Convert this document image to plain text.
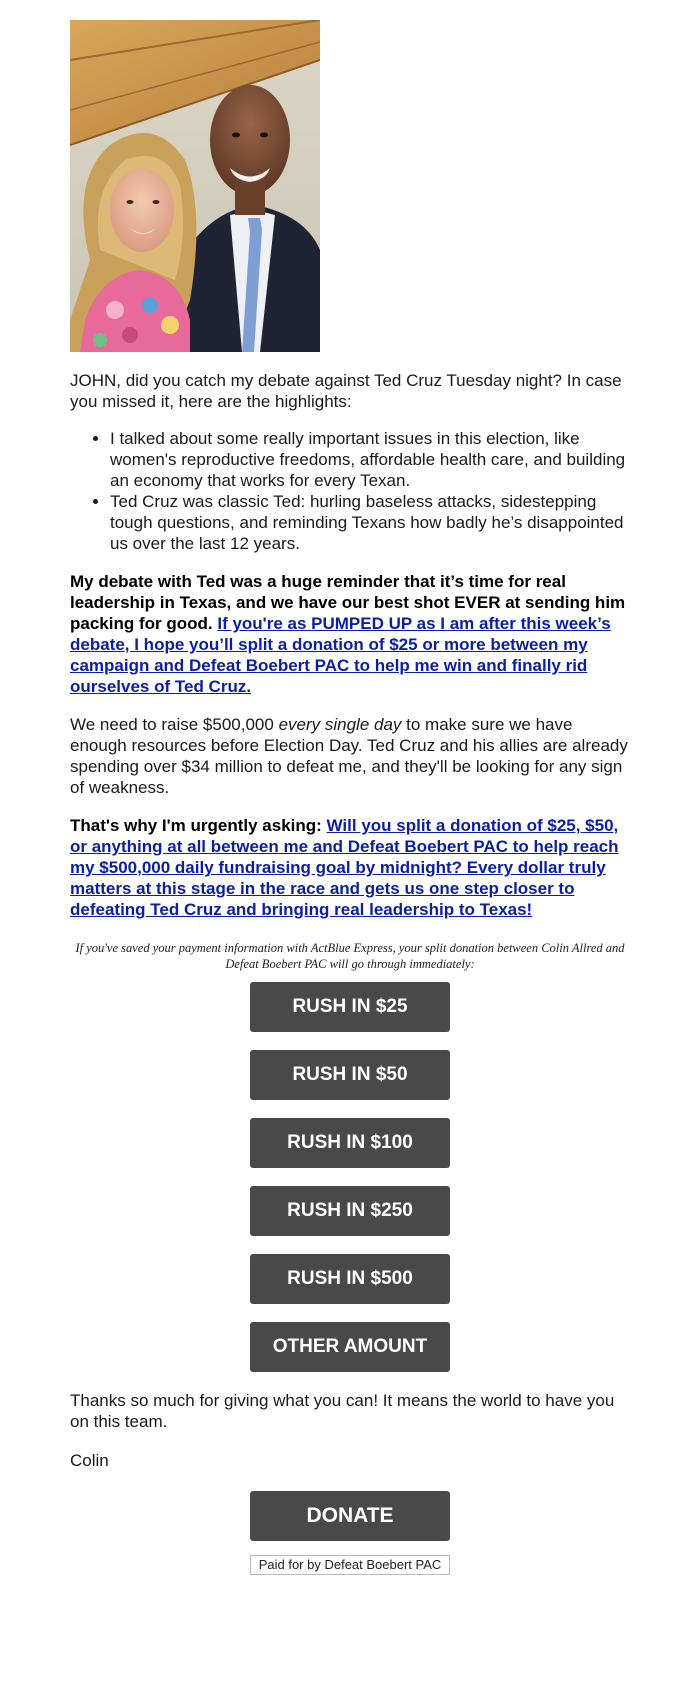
JOHN, did you catch my debate against Ted Cruz Tuesday night? In case you missed it, here are the highlights:

• I talked about some really important issues in this election, like women's reproductive freedoms, affordable health care, and building an economy that works for every Texan.
• Ted Cruz was classic Ted: hurling baseless attacks, sidestepping tough questions, and reminding Texans how badly he’s disappointed us over the last 12 years.

My debate with Ted was a huge reminder that it’s time for real leadership in Texas, and we have our best shot EVER at sending him packing for good. If you're as PUMPED UP as I am after this week’s debate, I hope you’ll split a donation of $25 or more between my campaign and Defeat Boebert PAC to help me win and finally rid ourselves of Ted Cruz.

We need to raise $500,000 every single day to make sure we have enough resources before Election Day. Ted Cruz and his allies are already spending over $34 million to defeat me, and they'll be looking for any sign of weakness.

That's why I'm urgently asking: Will you split a donation of $25, $50, or anything at all between me and Defeat Boebert PAC to help reach my $500,000 daily fundraising goal by midnight? Every dollar truly matters at this stage in the race and gets us one step closer to defeating Ted Cruz and bringing real leadership to Texas!

If you've saved your payment information with ActBlue Express, your split donation between Colin Allred and Defeat Boebert PAC will go through immediately:

RUSH IN $25
RUSH IN $50
RUSH IN $100
RUSH IN $250
RUSH IN $500
OTHER AMOUNT

Thanks so much for giving what you can! It means the world to have you on this team.

Colin

DONATE
Paid for by Defeat Boebert PAC
